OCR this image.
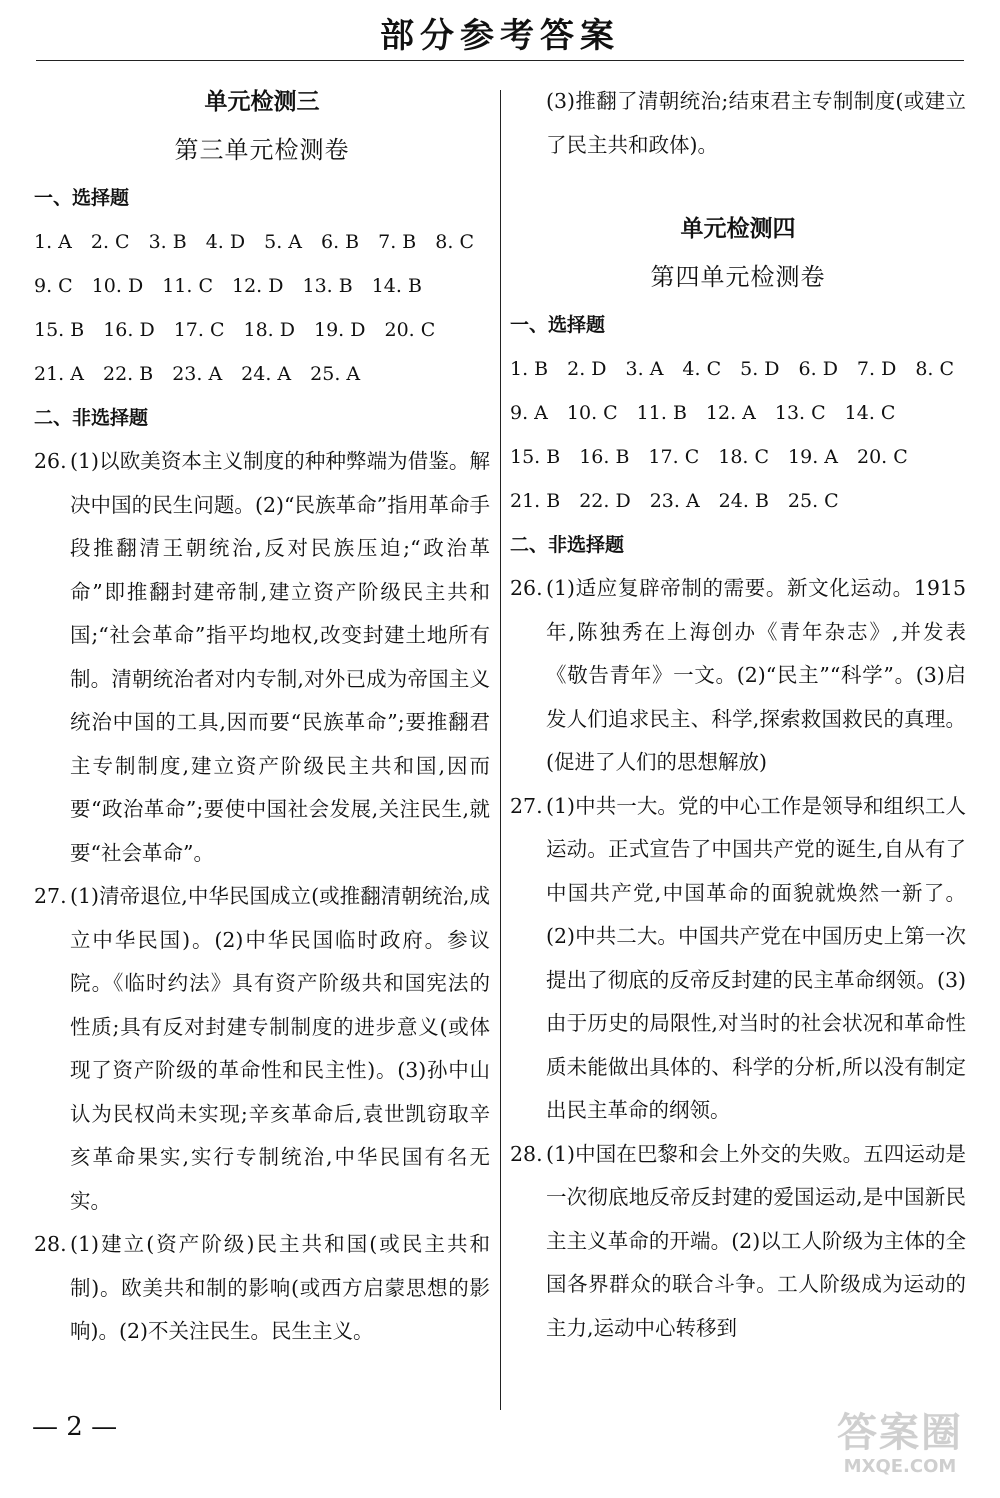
部分参考答案
单元检测三
第三单元检测卷
一、选择题
1. A　2. C　3. B　4. D　5. A　6. B　7. B　8. C
9. C　10. D　11. C　12. D　13. B　14. B
15. B　16. D　17. C　18. D　19. D　20. C
21. A　22. B　23. A　24. A　25. A
二、非选择题
26. (1)以欧美资本主义制度的种种弊端为借鉴。解决中国的民生问题。(2)“民族革命”指用革命手段推翻清王朝统治,反对民族压迫;“政治革命”即推翻封建帝制,建立资产阶级民主共和国;“社会革命”指平均地权,改变封建土地所有制。清朝统治者对内专制,对外已成为帝国主义统治中国的工具,因而要“民族革命”;要推翻君主专制制度,建立资产阶级民主共和国,因而要“政治革命”;要使中国社会发展,关注民生,就要“社会革命”。
27. (1)清帝退位,中华民国成立(或推翻清朝统治,成立中华民国)。(2)中华民国临时政府。参议院。《临时约法》具有资产阶级共和国宪法的性质;具有反对封建专制制度的进步意义(或体现了资产阶级的革命性和民主性)。(3)孙中山认为民权尚未实现;辛亥革命后,袁世凯窃取辛亥革命果实,实行专制统治,中华民国有名无实。
28. (1)建立(资产阶级)民主共和国(或民主共和制)。欧美共和制的影响(或西方启蒙思想的影响)。(2)不关注民生。民生主义。
(3)推翻了清朝统治;结束君主专制制度(或建立了民主共和政体)。
单元检测四
第四单元检测卷
一、选择题
1. B　2. D　3. A　4. C　5. D　6. D　7. D　8. C
9. A　10. C　11. B　12. A　13. C　14. C
15. B　16. B　17. C　18. C　19. A　20. C
21. B　22. D　23. A　24. B　25. C
二、非选择题
26. (1)适应复辟帝制的需要。新文化运动。1915年,陈独秀在上海创办《青年杂志》,并发表《敬告青年》一文。(2)“民主”“科学”。(3)启发人们追求民主、科学,探索救国救民的真理。(促进了人们的思想解放)
27. (1)中共一大。党的中心工作是领导和组织工人运动。正式宣告了中国共产党的诞生,自从有了中国共产党,中国革命的面貌就焕然一新了。(2)中共二大。中国共产党在中国历史上第一次提出了彻底的反帝反封建的民主革命纲领。(3)由于历史的局限性,对当时的社会状况和革命性质未能做出具体的、科学的分析,所以没有制定出民主革命的纲领。
28. (1)中国在巴黎和会上外交的失败。五四运动是一次彻底地反帝反封建的爱国运动,是中国新民主主义革命的开端。(2)以工人阶级为主体的全国各界群众的联合斗争。工人阶级成为运动的主力,运动中心转移到
— 2 —	答案圈
MXQE.COM
